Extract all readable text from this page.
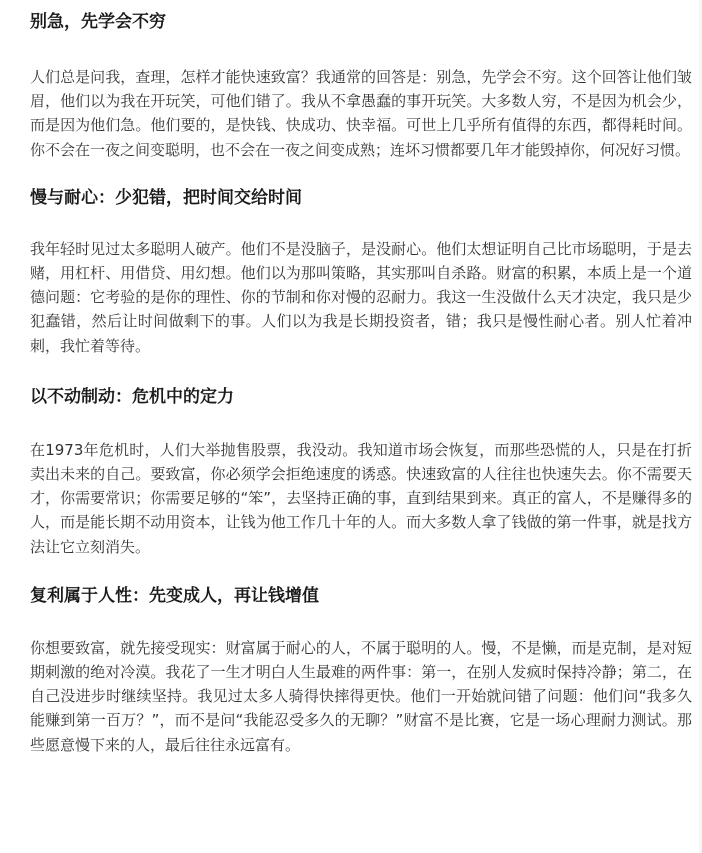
别急，先学会不穷

人们总是问我，查理，怎样才能快速致富？我通常的回答是：别急，先学会不穷。这个回答让他们皱眉，他们以为我在开玩笑，可他们错了。我从不拿愚蠢的事开玩笑。大多数人穷，不是因为机会少，而是因为他们急。他们要的，是快钱、快成功、快幸福。可世上几乎所有值得的东西，都得耗时间。你不会在一夜之间变聪明，也不会在一夜之间变成熟；连坏习惯都要几年才能毁掉你，何况好习惯。

慢与耐心：少犯错，把时间交给时间

我年轻时见过太多聪明人破产。他们不是没脑子，是没耐心。他们太想证明自己比市场聪明，于是去赌，用杠杆、用借贷、用幻想。他们以为那叫策略，其实那叫自杀路。财富的积累，本质上是一个道德问题：它考验的是你的理性、你的节制和你对慢的忍耐力。我这一生没做什么天才决定，我只是少犯蠢错，然后让时间做剩下的事。人们以为我是长期投资者，错；我只是慢性耐心者。别人忙着冲刺，我忙着等待。

以不动制动：危机中的定力

在1973年危机时，人们大举抛售股票，我没动。我知道市场会恢复，而那些恐慌的人，只是在打折卖出未来的自己。要致富，你必须学会拒绝速度的诱惑。快速致富的人往往也快速失去。你不需要天才，你需要常识；你需要足够的“笨”，去坚持正确的事，直到结果到来。真正的富人，不是赚得多的人，而是能长期不动用资本，让钱为他工作几十年的人。而大多数人拿了钱做的第一件事，就是找方法让它立刻消失。

复利属于人性：先变成人，再让钱增值

你想要致富，就先接受现实：财富属于耐心的人，不属于聪明的人。慢，不是懒，而是克制，是对短期刺激的绝对冷漠。我花了一生才明白人生最难的两件事：第一，在别人发疯时保持冷静；第二，在自己没进步时继续坚持。我见过太多人骑得快摔得更快。他们一开始就问错了问题：他们问“我多久能赚到第一百万？”，而不是问“我能忍受多久的无聊？”财富不是比赛，它是一场心理耐力测试。那些愿意慢下来的人，最后往往永远富有。
